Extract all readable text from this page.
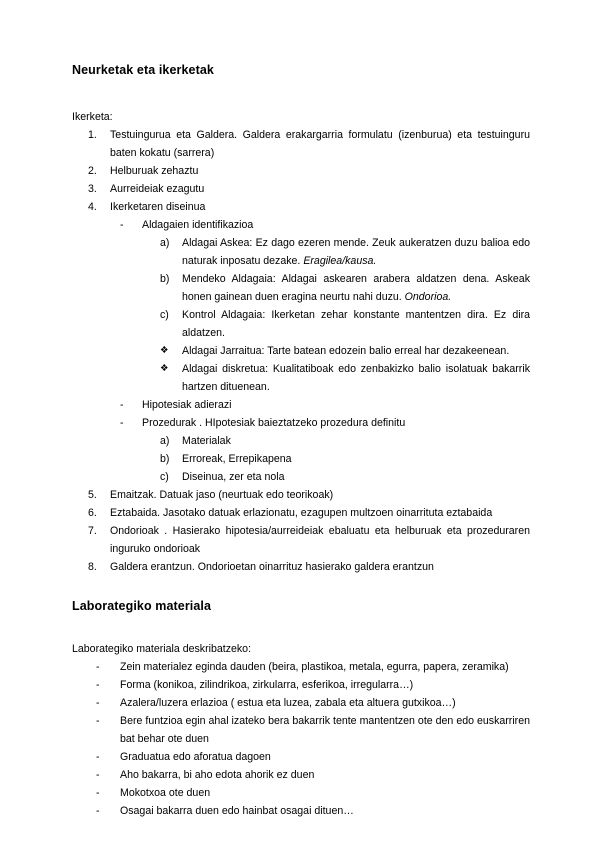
Neurketak eta ikerketak

Ikerketa:

1.	Testuingurua eta Galdera. Galdera erakargarria formulatu (izenburua) eta testuinguru baten kokatu (sarrera)
2.	Helburuak zehaztu
3.	Aurreideiak ezagutu
4.	Ikerketaren diseinua
-	Aldagaien identifikazioa
a)	Aldagai Askea: Ez dago ezeren mende. Zeuk aukeratzen duzu balioa edo naturak inposatu dezake. Eragilea/kausa.
b)	Mendeko Aldagaia: Aldagai askearen arabera aldatzen dena. Askeak honen gainean duen eragina neurtu nahi duzu. Ondorioa.
c)	Kontrol Aldagaia: Ikerketan zehar konstante mantentzen dira. Ez dira aldatzen.
❖	Aldagai Jarraitua: Tarte batean edozein balio erreal har dezakeenean.
❖	Aldagai diskretua: Kualitatiboak edo zenbakizko balio isolatuak bakarrik hartzen dituenean.
-	Hipotesiak adierazi
-	Prozedurak . HIpotesiak baieztatzeko prozedura definitu
a)	Materialak
b)	Erroreak, Errepikapena
c)	Diseinua, zer eta nola
5.	Emaitzak. Datuak jaso (neurtuak edo teorikoak)
6.	Eztabaida. Jasotako datuak erlazionatu, ezagupen multzoen oinarrituta eztabaida
7.	Ondorioak . Hasierako hipotesia/aurreideiak ebaluatu eta helburuak eta prozeduraren inguruko ondorioak
8.	Galdera erantzun. Ondorioetan oinarrituz hasierako galdera erantzun
Laborategiko materiala

Laborategiko materiala deskribatzeko:

-	Zein materialez eginda dauden (beira, plastikoa, metala, egurra, papera, zeramika)
-	Forma (konikoa, zilindrikoa, zirkularra, esferikoa, irregularra…)
-	Azalera/luzera erlazioa ( estua eta luzea, zabala eta altuera gutxikoa…)
-	Bere funtzioa egin ahal izateko bera bakarrik tente mantentzen ote den edo euskarriren bat behar ote duen
-	Graduatua edo aforatua dagoen
-	Aho bakarra, bi aho edota ahorik ez duen
-	Mokotxoa ote duen
-	Osagai bakarra duen edo hainbat osagai dituen…
